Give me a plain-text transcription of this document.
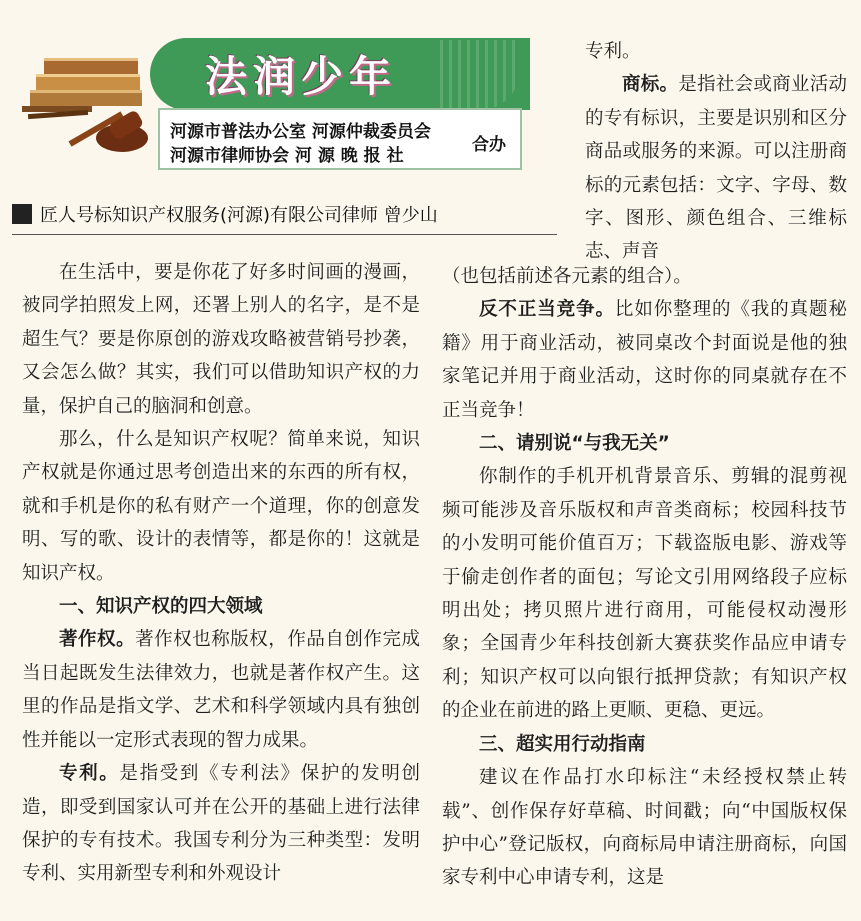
法润少年
河源市普法办公室 河源仲裁委员会
河源市律师协会 河 源 晚 报 社
合办
匠人号标知识产权服务(河源)有限公司律师 曾少山

在生活中，要是你花了好多时间画的漫画，被同学拍照发上网，还署上别人的名字，是不是超生气？要是你原创的游戏攻略被营销号抄袭，又会怎么做？其实，我们可以借助知识产权的力量，保护自己的脑洞和创意。

那么，什么是知识产权呢？简单来说，知识产权就是你通过思考创造出来的东西的所有权，就和手机是你的私有财产一个道理，你的创意发明、写的歌、设计的表情等，都是你的！这就是知识产权。

一、知识产权的四大领域

著作权。著作权也称版权，作品自创作完成当日起既发生法律效力，也就是著作权产生。这里的作品是指文学、艺术和科学领域内具有独创性并能以一定形式表现的智力成果。

专利。是指受到《专利法》保护的发明创造，即受到国家认可并在公开的基础上进行法律保护的专有技术。我国专利分为三种类型：发明专利、实用新型专利和外观设计

专利。

商标。是指社会或商业活动的专有标识，主要是识别和区分商品或服务的来源。可以注册商标的元素包括：文字、字母、数字、图形、颜色组合、三维标志、声音

（也包括前述各元素的组合）。

反不正当竞争。比如你整理的《我的真题秘籍》用于商业活动，被同桌改个封面说是他的独家笔记并用于商业活动，这时你的同桌就存在不正当竞争！

二、请别说“与我无关”

你制作的手机开机背景音乐、剪辑的混剪视频可能涉及音乐版权和声音类商标；校园科技节的小发明可能价值百万；下载盗版电影、游戏等于偷走创作者的面包；写论文引用网络段子应标明出处；拷贝照片进行商用，可能侵权动漫形象；全国青少年科技创新大赛获奖作品应申请专利；知识产权可以向银行抵押贷款；有知识产权的企业在前进的路上更顺、更稳、更远。

三、超实用行动指南

建议在作品打水印标注“未经授权禁止转载”、创作保存好草稿、时间戳；向“中国版权保护中心”登记版权，向商标局申请注册商标，向国家专利中心申请专利，这是
